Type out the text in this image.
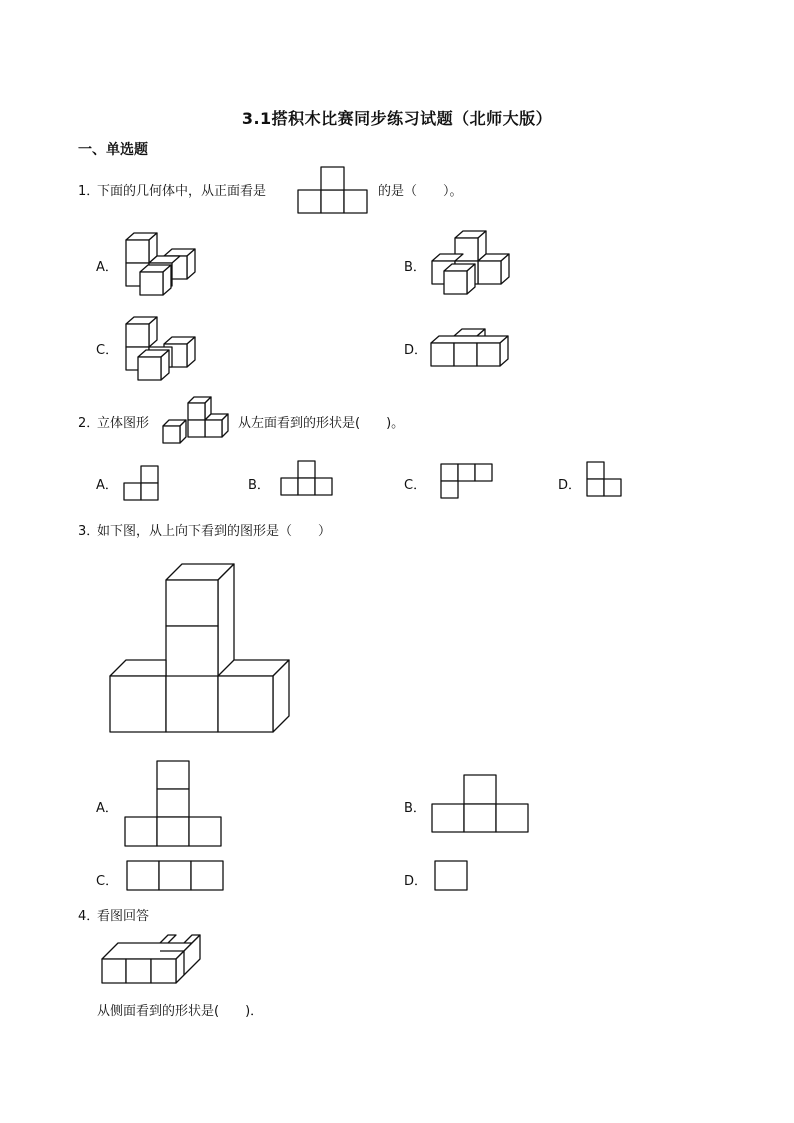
3.1搭积木比赛同步练习试题（北师大版）
一、单选题
1．
下面的几何体中，从正面看是	的是（　　）。
A．	B．
C．	D．
2．
立体图形	从左面看到的形状是(　　)。
A．	B．	C．	D．
3．
如下图，从上向下看到的图形是（　　）
A．	B．
C．	D．
4．
看图回答
从侧面看到的形状是(　　)．
